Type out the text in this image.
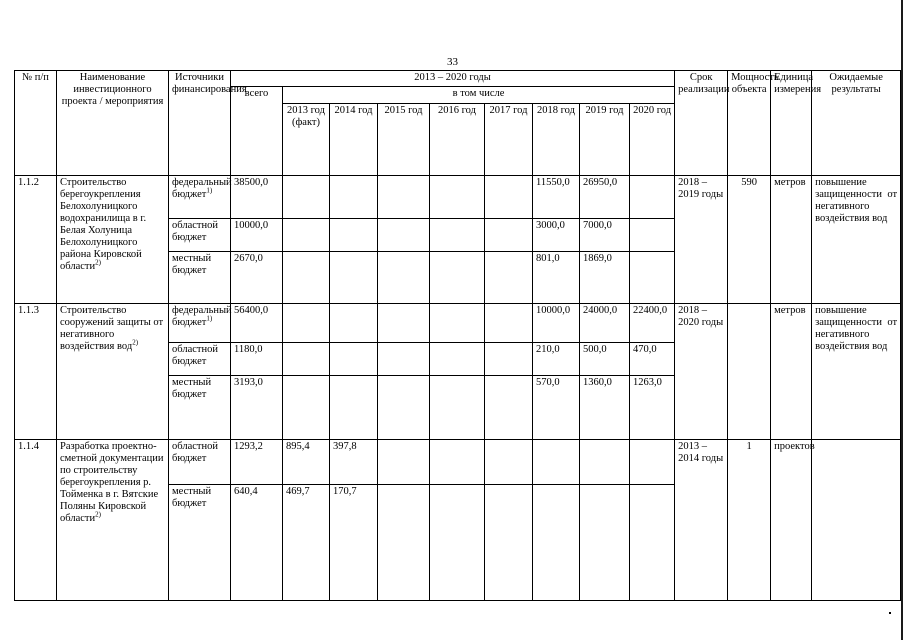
33
№ п/п	Наименование инвестиционного проекта / мероприятия	Источники финансирования	2013 – 2020 годы									Срок реализации	Мощность объекта	Единица измерения	Ожидаемые результаты
			всего	в том числе											
				2013 год (факт)	2014 год	2015 год	2016 год	2017 год	2018 год	2019 год	2020 год				
1.1.2	Строительство берегоукрепления Белохолуницкого водохранилища в г. Белая Холуница Белохолуницкого района Кировской области$^{2)}$	федеральный бюджет$^{1)}$	38500,0						11550,0	26950,0		2018 – 2019 годы	590	метров	повышение защищенности от негативного воздействия вод
		областной бюджет	10000,0						3000,0	7000,0					
		местный бюджет	2670,0						801,0	1869,0					
1.1.3	Строительство сооружений защиты от негативного воздействия вод$^{2)}$	федеральный бюджет$^{1)}$	56400,0						10000,0	24000,0	22400,0	2018 – 2020 годы		метров	повышение защищенности от негативного воздействия вод
		областной бюджет	1180,0						210,0	500,0	470,0				
		местный бюджет	3193,0						570,0	1360,0	1263,0				
1.1.4	Разработка проектно-сметной документации по строительству берегоукрепления р. Тойменка в г. Вятские Поляны Кировской области$^{2)}$	областной бюджет	1293,2	895,4	397,8							2013 – 2014 годы	1	проектов	
		местный бюджет	640,4	469,7	170,7										
